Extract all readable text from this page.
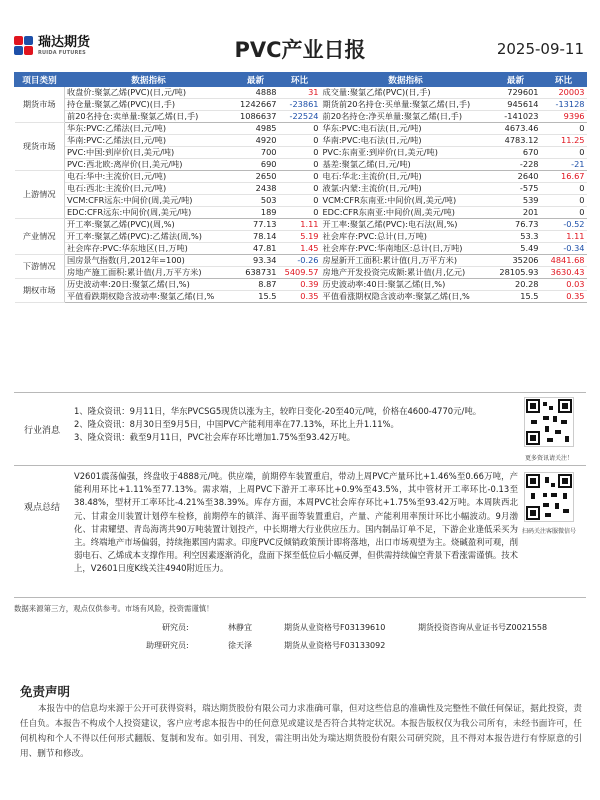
瑞达期货
RUIDA FUTURES	PVC产业日报	2025-09-11
项目类别	数据指标	最新	环比	数据指标	最新	环比
期货市场	收盘价:聚氯乙烯(PVC)(日,元/吨)	4888	31	成交量:聚氯乙烯(PVC)(日,手)	729601	20003
	持仓量:聚氯乙烯(PVC)(日,手)	1242667	-23861	期货前20名持仓:买单量:聚氯乙烯(日,手)	945614	-13128
	前20名持仓:卖单量:聚氯乙烯(日,手)	1086637	-22524	前20名持仓:净买单量:聚氯乙烯(日,手)	-141023	9396
现货市场	华东:PVC:乙烯法(日,元/吨)	4985	0	华东:PVC:电石法(日,元/吨)	4673.46	0
	华南:PVC:乙烯法(日,元/吨)	4920	0	华南:PVC:电石法(日,元/吨)	4783.12	11.25
	PVC:中国:到岸价(日,美元/吨)	700	0	PVC:东南亚:到岸价(日,美元/吨)	670	0
	PVC:西北欧:离岸价(日,美元/吨)	690	0	基差:聚氯乙烯(日,元/吨)	-228	-21
上游情况	电石:华中:主流价(日,元/吨)	2650	0	电石:华北:主流价(日,元/吨)	2640	16.67
	电石:西北:主流价(日,元/吨)	2438	0	液氯:内蒙:主流价(日,元/吨)	-575	0
	VCM:CFR远东:中间价(周,美元/吨)	503	0	VCM:CFR东南亚:中间价(周,美元/吨)	539	0
	EDC:CFR远东:中间价(周,美元/吨)	189	0	EDC:CFR东南亚:中间价(周,美元/吨)	201	0
产业情况	开工率:聚氯乙烯(PVC)(周,%)	77.13	1.11	开工率:聚氯乙烯(PVC):电石法(周,%)	76.73	-0.52
	开工率:聚氯乙烯(PVC):乙烯法(周,%)	78.14	5.19	社会库存:PVC:总计(日,万吨)	53.3	1.11
	社会库存:PVC:华东地区(日,万吨)	47.81	1.45	社会库存:PVC:华南地区:总计(日,万吨)	5.49	-0.34
下游情况	国房景气指数(月,2012年=100)	93.34	-0.26	房屋新开工面积:累计值(月,万平方米)	35206	4841.68
	房地产施工面积:累计值(月,万平方米)	638731	5409.57	房地产开发投资完成额:累计值(月,亿元)	28105.93	3630.43
期权市场	历史波动率:20日:聚氯乙烯(日,%)	8.87	0.39	历史波动率:40日:聚氯乙烯(日,%)	20.28	0.03
	平值看跌期权隐含波动率:聚氯乙烯(日,%	15.5	0.35	平值看涨期权隐含波动率:聚氯乙烯(日,%	15.5	0.35
行业消息
1、隆众资讯：9月11日，华东PVCSG5现货以涨为主，较昨日变化-20至40元/吨，价格在4600-4770元/吨。
2、隆众资讯：8月30日至9月5日，中国PVC产能利用率在77.13%，环比上升1.11%。
3、隆众资讯：截至9月11日，PVC社会库存环比增加1.75%至93.42万吨。
更多资讯请关注！
观点总结
V2601震荡偏强，终盘收于4888元/吨。供应端，前期停车装置重启，带动上周PVC产量环比+1.46%至0.66万吨，产能利用环比+1.11%至77.13%。需求端，上周PVC下游开工率环比+0.9%至43.5%，其中管材开工率环比-0.13至38.48%，型材开工率环比-4.21%至38.39%。库存方面，本周PVC社会库存环比+1.75%至93.42万吨。本周陕西北元、甘肃金川装置计划停车检修，前期停车的镇洋、海平面等装置重启，产量、产能利用率预计环比小幅波动。9月渤化、甘肃耀望、青岛海湾共90万吨装置计划投产，中长期增大行业供应压力。国内制品订单不足，下游企业逢低采买为主。终端地产市场偏弱，持续拖累国内需求。印度PVC反倾销政策预计即将落地，出口市场观望为主。烧碱盈利可观，削弱电石、乙烯成本支撑作用。利空因素逐渐消化，盘面下探至低位后小幅反弹，但供需持续偏空背景下看涨需谨慎。技术上，V2601日度K线关注4940附近压力。
扫码关注客服微信号
数据来源第三方，观点仅供参考。市场有风险，投资需谨慎！
研究员:	林静宜	期货从业资格号F03139610	期货投资咨询从业证书号Z0021558
助理研究员:	徐天泽	期货从业资格号F03133092
免责声明
本报告中的信息均来源于公开可获得资料，瑞达期货股份有限公司力求准确可靠，但对这些信息的准确性及完整性不做任何保证，据此投资，责任自负。本报告不构成个人投资建议，客户应考虑本报告中的任何意见或建议是否符合其特定状况。本报告版权仅为我公司所有，未经书面许可，任何机构和个人不得以任何形式翻版、复制和发布。如引用、刊发，需注明出处为瑞达期货股份有限公司研究院，且不得对本报告进行有悖原意的引用、删节和修改。
